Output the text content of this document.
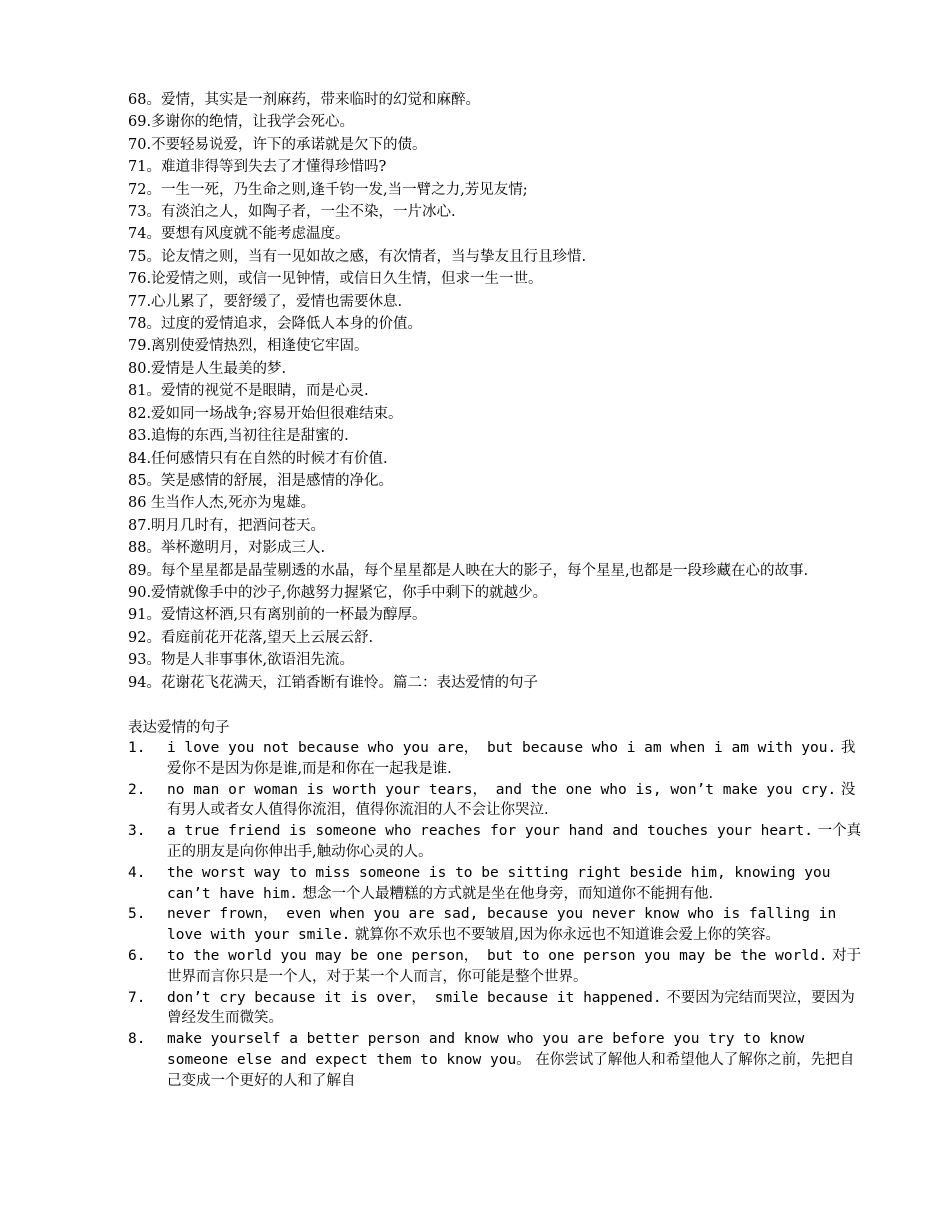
68。爱情，其实是一剂麻药，带来临时的幻觉和麻醉。
69.多谢你的绝情，让我学会死心。
70.不要轻易说爱，许下的承诺就是欠下的债。
71。难道非得等到失去了才懂得珍惜吗?
72。一生一死，乃生命之则,逢千钧一发,当一臂之力,芳见友情;
73。有淡泊之人，如陶子者，一尘不染，一片冰心.
74。要想有风度就不能考虑温度。
75。论友情之则，当有一见如故之感，有次情者，当与挚友且行且珍惜.
76.论爱情之则，或信一见钟情，或信日久生情，但求一生一世。
77.心儿累了，要舒缓了，爱情也需要休息.
78。过度的爱情追求，会降低人本身的价值。
79.离别使爱情热烈，相逢使它牢固。
80.爱情是人生最美的梦.
81。爱情的视觉不是眼睛，而是心灵.
82.爱如同一场战争;容易开始但很难结束。
83.追悔的东西,当初往往是甜蜜的.
84.任何感情只有在自然的时候才有价值.
85。笑是感情的舒展，泪是感情的净化。
86 生当作人杰,死亦为鬼雄。
87.明月几时有，把酒问苍天。
88。举杯邀明月，对影成三人.
89。每个星星都是晶莹剔透的水晶，每个星星都是人映在大的影子，每个星星,也都是一段珍藏在心的故事.
90.爱情就像手中的沙子,你越努力握紧它，你手中剩下的就越少。
91。爱情这杯酒,只有离别前的一杯最为醇厚。
92。看庭前花开花落,望天上云展云舒.
93。物是人非事事休,欲语泪先流。
94。花谢花飞花满天，江销香断有谁怜。篇二：表达爱情的句子
表达爱情的句子
1. i love you not because who you are， but because who i am when i am with you. 我爱你不是因为你是谁,而是和你在一起我是谁.
2. no man or woman is worth your tears， and the one who is, won’t make you cry. 没有男人或者女人值得你流泪，值得你流泪的人不会让你哭泣.
3. a true friend is someone who reaches for your hand and touches your heart. 一个真正的朋友是向你伸出手,触动你心灵的人。
4. the worst way to miss someone is to be sitting right beside him, knowing you can’t have him. 想念一个人最糟糕的方式就是坐在他身旁，而知道你不能拥有他.
5. never frown， even when you are sad, because you never know who is falling in love with your smile. 就算你不欢乐也不要皱眉,因为你永远也不知道谁会爱上你的笑容。
6. to the world you may be one person， but to one person you may be the world. 对于世界而言你只是一个人，对于某一个人而言，你可能是整个世界。
7. don’t cry because it is over， smile because it happened. 不要因为完结而哭泣，要因为曾经发生而微笑。
8. make yourself a better person and know who you are before you try to know someone else and expect them to know you。 在你尝试了解他人和希望他人了解你之前，先把自己变成一个更好的人和了解自
